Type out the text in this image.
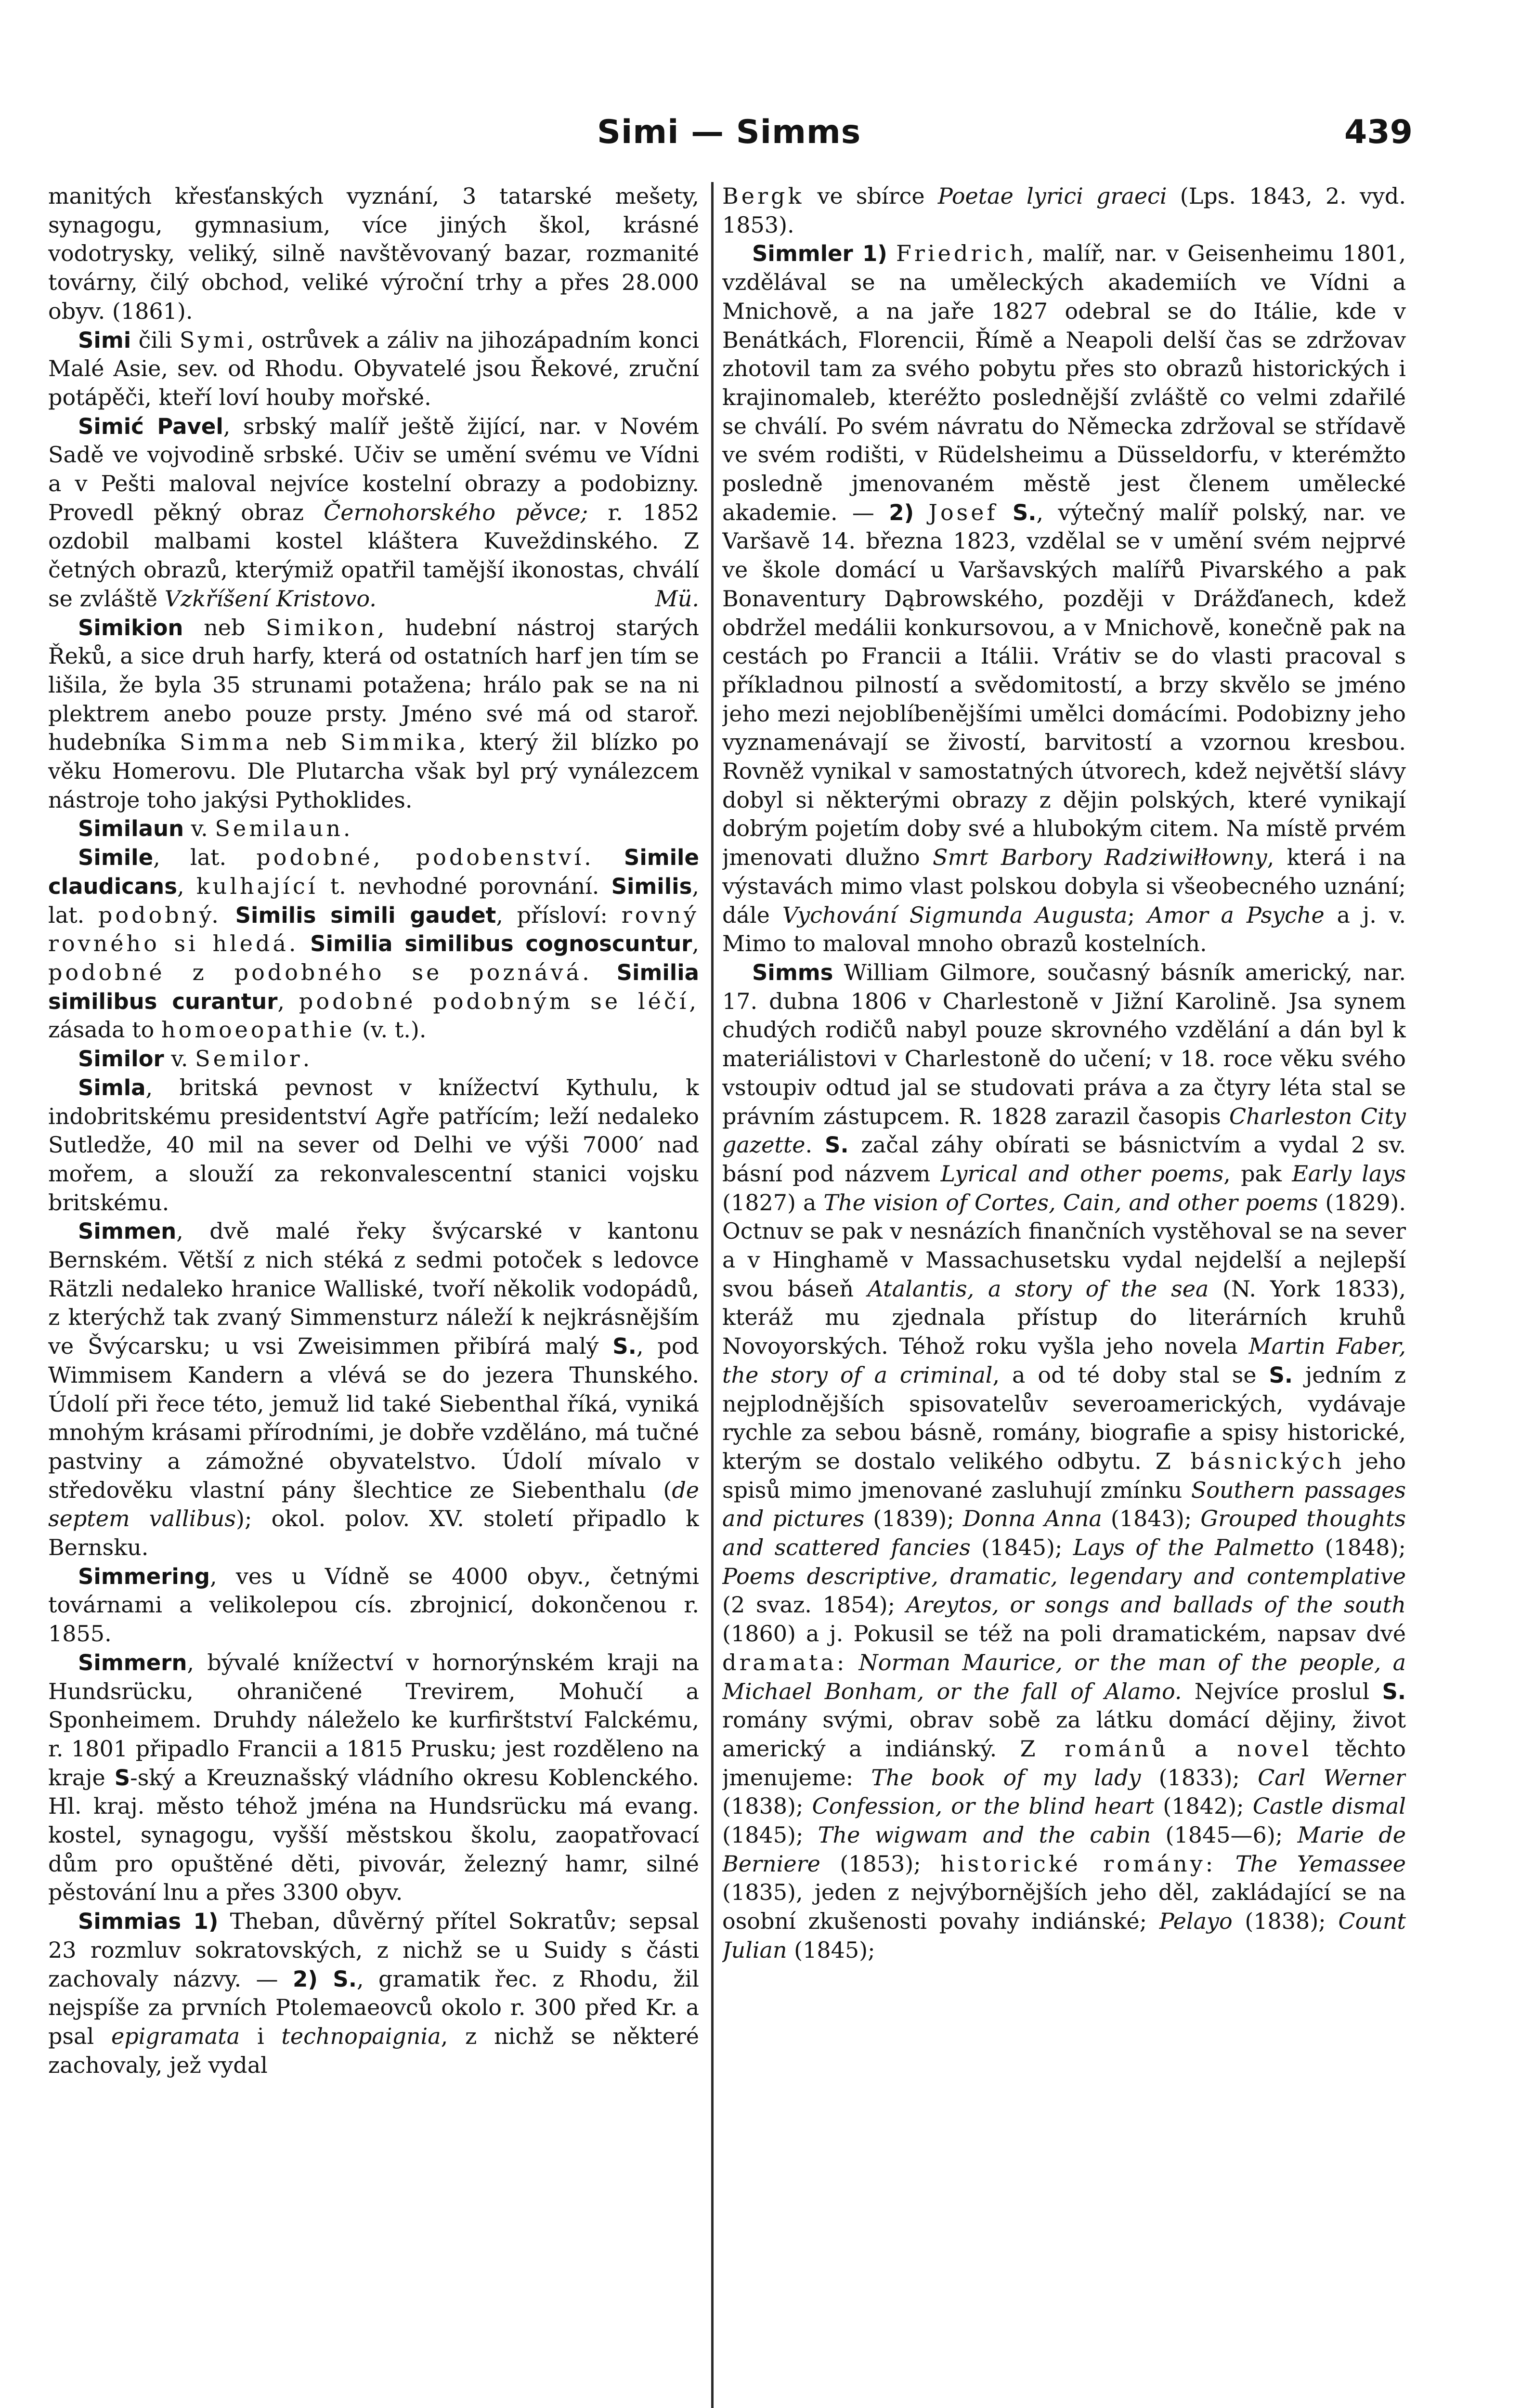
Simi — Simms	439

manitých křesťanských vyznání, 3 tatarské mešety, synagogu, gymnasium, více jiných škol, krásné vodotrysky, veliký, silně navštěvovaný bazar, rozmanité továrny, čilý obchod, veliké výroční trhy a přes 28.000 obyv. (1861).

Simi čili Symi, ostrůvek a záliv na jihozápadním konci Malé Asie, sev. od Rhodu. Obyvatelé jsou Řekové, zruční potápěči, kteří loví houby mořské.

Simić Pavel, srbský malíř ještě žijící, nar. v Novém Sadě ve vojvodině srbské. Učiv se umění svému ve Vídni a v Pešti maloval nejvíce kostelní obrazy a podobizny. Provedl pěkný obraz Černohorského pěvce; r. 1852 ozdobil malbami kostel kláštera Kuveždinského. Z četných obrazů, kterýmiž opatřil tamější ikonostas, chválí se zvláště Vzkříšení Kristovo.	Mü.

Simikion neb Simikon, hudební nástroj starých Řeků, a sice druh harfy, která od ostatních harf jen tím se lišila, že byla 35 strunami potažena; hrálo pak se na ni plektrem anebo pouze prsty. Jméno své má od staroř. hudebníka Simma neb Simmika, který žil blízko po věku Homerovu. Dle Plutarcha však byl prý vynálezcem nástroje toho jakýsi Pythoklides.

Similaun v. Semilaun.

Simile, lat. podobné, podobenství. Simile claudicans, kulhající t. nevhodné porovnání. Similis, lat. podobný. Similis simili gaudet, přísloví: rovný rovného si hledá. Similia similibus cognoscuntur, podobné z podobného se poznává. Similia similibus curantur, podobné podobným se léčí, zásada to homoeopathie (v. t.).

Similor v. Semilor.

Simla, britská pevnost v knížectví Kythulu, k indobritskému presidentství Agře patřícím; leží nedaleko Sutledže, 40 mil na sever od Delhi ve výši 7000′ nad mořem, a slouží za rekonvalescentní stanici vojsku britskému.

Simmen, dvě malé řeky švýcarské v kantonu Bernském. Větší z nich stéká z sedmi potoček s ledovce Rätzli nedaleko hranice Walliské, tvoří několik vodopádů, z kterýchž tak zvaný Simmensturz náleží k nejkrásnějším ve Švýcarsku; u vsi Zweisimmen přibírá malý S., pod Wimmisem Kandern a vlévá se do jezera Thunského. Údolí při řece této, jemuž lid také Siebenthal říká, vyniká mnohým krásami přírodními, je dobře vzděláno, má tučné pastviny a zámožné obyvatelstvo. Údolí mívalo v středověku vlastní pány šlechtice ze Siebenthalu (de septem vallibus); okol. polov. XV. století připadlo k Bernsku.

Simmering, ves u Vídně se 4000 obyv., četnými továrnami a velikolepou cís. zbrojnicí, dokončenou r. 1855.

Simmern, bývalé knížectví v hornorýnském kraji na Hundsrücku, ohraničené Trevirem, Mohučí a Sponheimem. Druhdy náleželo ke kurfirštství Falckému, r. 1801 připadlo Francii a 1815 Prusku; jest rozděleno na kraje S-ský a Kreuznašský vládního okresu Koblenckého. Hl. kraj. město téhož jména na Hundsrücku má evang. kostel, synagogu, vyšší městskou školu, zaopatřovací dům pro opuštěné děti, pivovár, železný hamr, silné pěstování lnu a přes 3300 obyv.

Simmias 1) Theban, důvěrný přítel Sokratův; sepsal 23 rozmluv sokratovských, z nichž se u Suidy s části zachovaly názvy. — 2) S., gramatik řec. z Rhodu, žil nejspíše za prvních Ptolemaeovců okolo r. 300 před Kr. a psal epigramata i technopaignia, z nichž se některé zachovaly, jež vydal

Bergk ve sbírce Poetae lyrici graeci (Lps. 1843, 2. vyd. 1853).

Simmler 1) Friedrich, malíř, nar. v Geisenheimu 1801, vzdělával se na uměleckých akademiích ve Vídni a Mnichově, a na jaře 1827 odebral se do Itálie, kde v Benátkách, Florencii, Římě a Neapoli delší čas se zdržovav zhotovil tam za svého pobytu přes sto obrazů historických i krajinomaleb, kteréžto poslednější zvláště co velmi zdařilé se chválí. Po svém návratu do Německa zdržoval se střídavě ve svém rodišti, v Rüdelsheimu a Düsseldorfu, v kterémžto posledně jmenovaném městě jest členem umělecké akademie. — 2) Josef S., výtečný malíř polský, nar. ve Varšavě 14. března 1823, vzdělal se v umění svém nejprvé ve škole domácí u Varšavských malířů Pivarského a pak Bonaventury Dąbrowského, později v Drážďanech, kdež obdržel medálii konkursovou, a v Mnichově, konečně pak na cestách po Francii a Itálii. Vrátiv se do vlasti pracoval s příkladnou pilností a svědomitostí, a brzy skvělo se jméno jeho mezi nejoblíbenějšími umělci domácími. Podobizny jeho vyznamenávají se živostí, barvitostí a vzornou kresbou. Rovněž vynikal v samostatných útvorech, kdež největší slávy dobyl si některými obrazy z dějin polských, které vynikají dobrým pojetím doby své a hlubokým citem. Na místě prvém jmenovati dlužno Smrt Barbory Radziwiłłowny, která i na výstavách mimo vlast polskou dobyla si všeobecného uznání; dále Vychování Sigmunda Augusta; Amor a Psyche a j. v. Mimo to maloval mnoho obrazů kostelních.

Simms William Gilmore, současný básník americký, nar. 17. dubna 1806 v Charlestoně v Jižní Karolině. Jsa synem chudých rodičů nabyl pouze skrovného vzdělání a dán byl k materiálistovi v Charlestoně do učení; v 18. roce věku svého vstoupiv odtud jal se studovati práva a za čtyry léta stal se právním zástupcem. R. 1828 zarazil časopis Charleston City gazette. S. začal záhy obírati se básnictvím a vydal 2 sv. básní pod názvem Lyrical and other poems, pak Early lays (1827) a The vision of Cortes, Cain, and other poems (1829). Octnuv se pak v nesnázích finančních vystěhoval se na sever a v Hinghamě v Massachusetsku vydal nejdelší a nejlepší svou báseň Atalantis, a story of the sea (N. York 1833), kteráž mu zjednala přístup do literárních kruhů Novoyorských. Téhož roku vyšla jeho novela Martin Faber, the story of a criminal, a od té doby stal se S. jedním z nejplodnějších spisovatelův severoamerických, vydávaje rychle za sebou básně, romány, biografie a spisy historické, kterým se dostalo velikého odbytu. Z básnických jeho spisů mimo jmenované zasluhují zmínku Southern passages and pictures (1839); Donna Anna (1843); Grouped thoughts and scattered fancies (1845); Lays of the Palmetto (1848); Poems descriptive, dramatic, legendary and contemplative (2 svaz. 1854); Areytos, or songs and ballads of the south (1860) a j. Pokusil se též na poli dramatickém, napsav dvé dramata: Norman Maurice, or the man of the people, a Michael Bonham, or the fall of Alamo. Nejvíce proslul S. romány svými, obrav sobě za látku domácí dějiny, život americký a indiánský. Z románů a novel těchto jmenujeme: The book of my lady (1833); Carl Werner (1838); Confession, or the blind heart (1842); Castle dismal (1845); The wigwam and the cabin (1845—6); Marie de Berniere (1853); historické romány: The Yemassee (1835), jeden z nejvýbornějších jeho děl, zakládající se na osobní zkušenosti povahy indiánské; Pelayo (1838); Count Julian (1845);
